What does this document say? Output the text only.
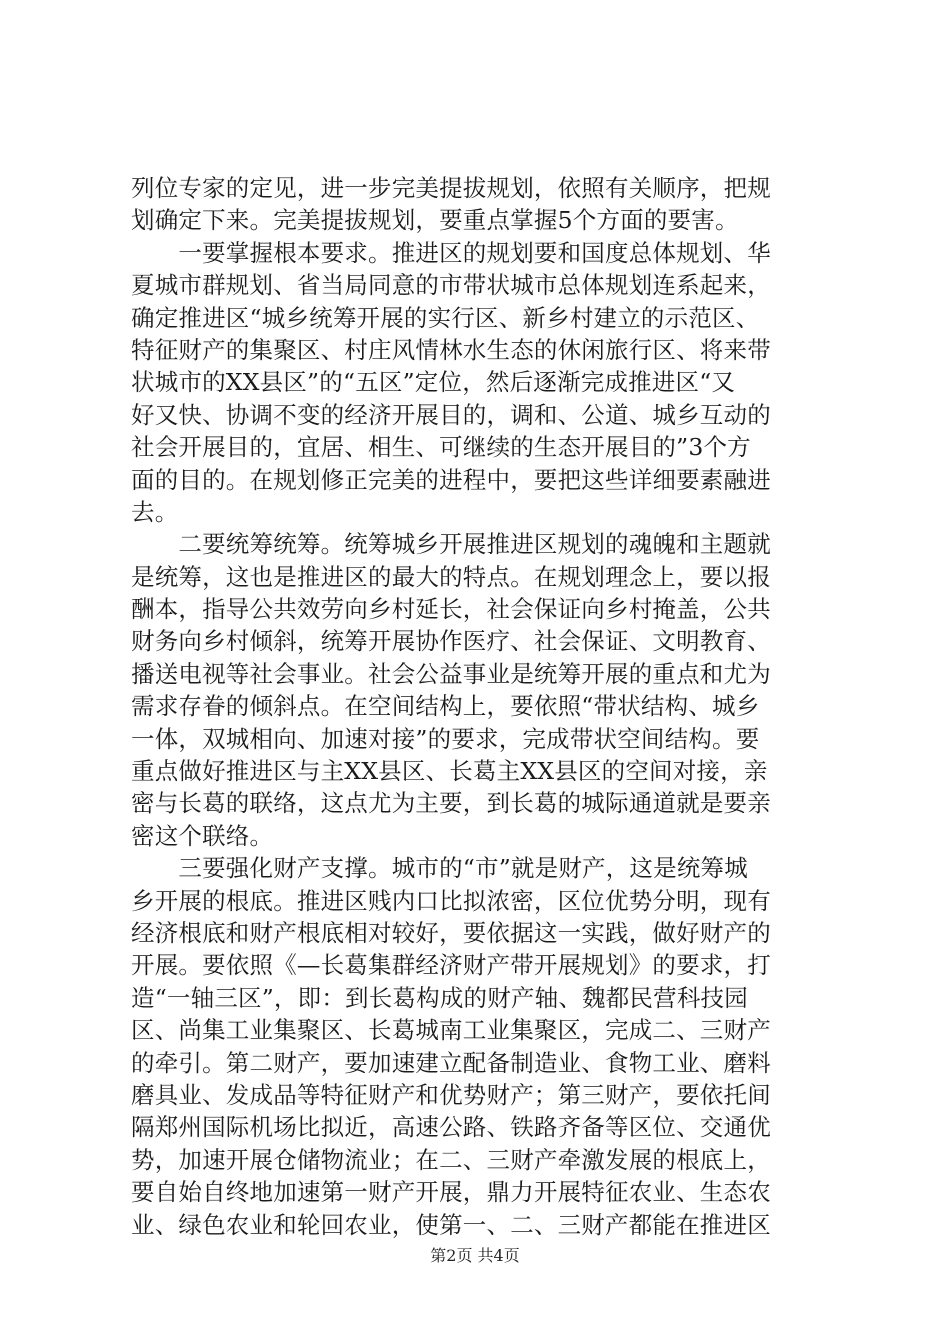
列位专家的定见，进一步完美提拔规划，依照有关顺序，把规
划确定下来。完美提拔规划，要重点掌握5个方面的要害。
　　一要掌握根本要求。推进区的规划要和国度总体规划、华
夏城市群规划、省当局同意的市带状城市总体规划连系起来，
确定推进区“城乡统筹开展的实行区、新乡村建立的示范区、
特征财产的集聚区、村庄风情林水生态的休闲旅行区、将来带
状城市的XX县区”的“五区”定位，然后逐渐完成推进区“又
好又快、协调不变的经济开展目的，调和、公道、城乡互动的
社会开展目的，宜居、相生、可继续的生态开展目的”3个方
面的目的。在规划修正完美的进程中，要把这些详细要素融进
去。
　　二要统筹统筹。统筹城乡开展推进区规划的魂魄和主题就
是统筹，这也是推进区的最大的特点。在规划理念上，要以报
酬本，指导公共效劳向乡村延长，社会保证向乡村掩盖，公共
财务向乡村倾斜，统筹开展协作医疗、社会保证、文明教育、
播送电视等社会事业。社会公益事业是统筹开展的重点和尤为
需求存眷的倾斜点。在空间结构上，要依照“带状结构、城乡
一体，双城相向、加速对接”的要求，完成带状空间结构。要
重点做好推进区与主XX县区、长葛主XX县区的空间对接，亲
密与长葛的联络，这点尤为主要，到长葛的城际通道就是要亲
密这个联络。
　　三要强化财产支撑。城市的“市”就是财产，这是统筹城
乡开展的根底。推进区贱内口比拟浓密，区位优势分明，现有
经济根底和财产根底相对较好，要依据这一实践，做好财产的
开展。要依照《—长葛集群经济财产带开展规划》的要求，打
造“一轴三区”，即：到长葛构成的财产轴、魏都民营科技园
区、尚集工业集聚区、长葛城南工业集聚区，完成二、三财产
的牵引。第二财产，要加速建立配备制造业、食物工业、磨料
磨具业、发成品等特征财产和优势财产；第三财产，要依托间
隔郑州国际机场比拟近，高速公路、铁路齐备等区位、交通优
势，加速开展仓储物流业；在二、三财产牵激发展的根底上，
要自始自终地加速第一财产开展，鼎力开展特征农业、生态农
业、绿色农业和轮回农业，使第一、二、三财产都能在推进区
第2页 共4页
